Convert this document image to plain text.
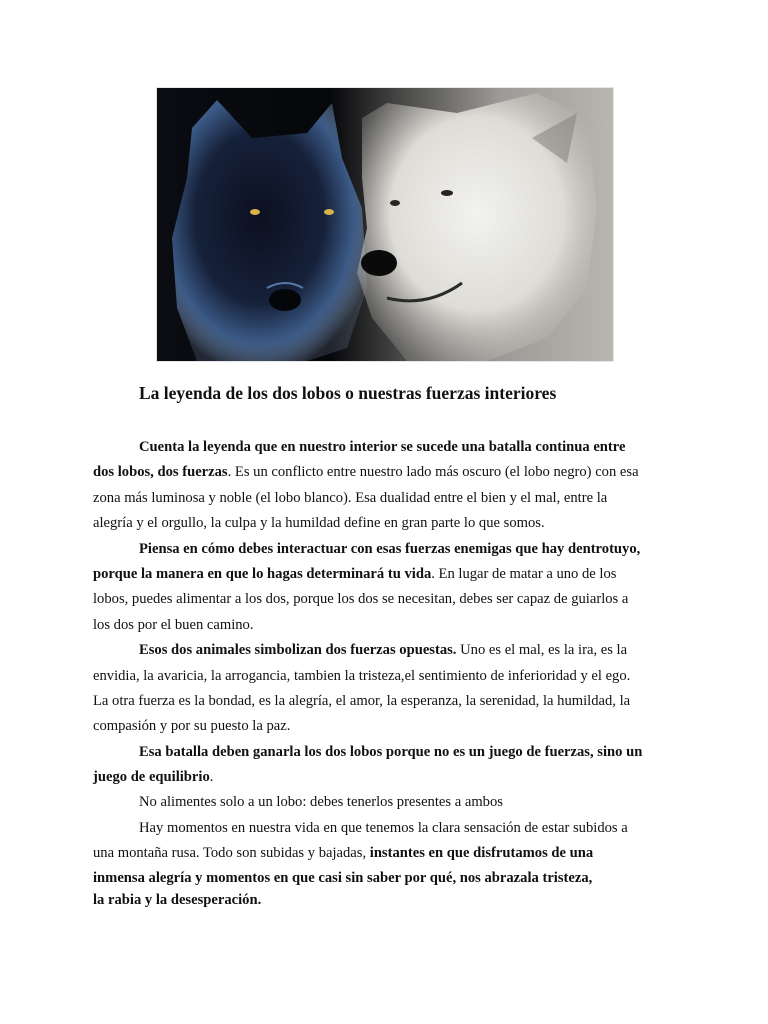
La leyenda de los dos lobos o nuestras fuerzas interiores
Cuenta la leyenda que en nuestro interior se sucede una batalla continua entre
dos lobos, dos fuerzas. Es un conflicto entre nuestro lado más oscuro (el lobo negro) con esa
zona más luminosa y noble (el lobo blanco). Esa dualidad entre el bien y el mal, entre la
alegría y el orgullo, la culpa y la humildad define en gran parte lo que somos.
Piensa en cómo debes interactuar con esas fuerzas enemigas que hay dentrotuyo,
porque la manera en que lo hagas determinará tu vida. En lugar de matar a uno de los
lobos, puedes alimentar a los dos, porque los dos se necesitan, debes ser capaz de guiarlos a
los dos por el buen camino.
Esos dos animales simbolizan dos fuerzas opuestas. Uno es el mal, es la ira, es la
envidia, la avaricia, la arrogancia, tambien la tristeza,el sentimiento de inferioridad y el ego.
La otra fuerza es la bondad, es la alegría, el amor, la esperanza, la serenidad, la humildad, la
compasión y por su puesto la paz.
Esa batalla deben ganarla los dos lobos porque no es un juego de fuerzas, sino un
juego de equilibrio.
No alimentes solo a un lobo: debes tenerlos presentes a ambos
Hay momentos en nuestra vida en que tenemos la clara sensación de estar subidos a
una montaña rusa. Todo son subidas y bajadas, instantes en que disfrutamos de una
inmensa alegría y momentos en que casi sin saber por qué, nos abrazala tristeza,
la rabia y la desesperación.
